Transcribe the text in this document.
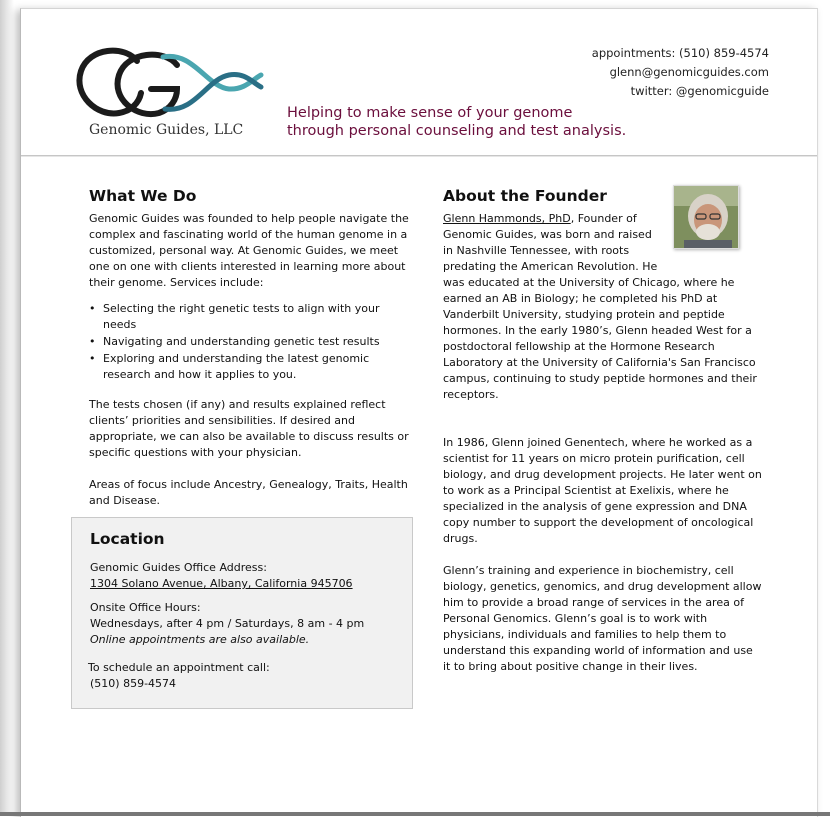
Genomic Guides, LLC
Helping to make sense of your genome
through personal counseling and test analysis.
appointments: (510) 859-4574
glenn@genomicguides.com
twitter: @genomicguide
What We Do

Genomic Guides was founded to help people navigate the complex and fascinating world of the human genome in a customized, personal way. At Genomic Guides, we meet one on one with clients interested in learning more about their genome. Services include:

• Selecting the right genetic tests to align with your needs
• Navigating and understanding genetic test results
• Exploring and understanding the latest genomic research and how it applies to you.

The tests chosen (if any) and results explained reflect clients’ priorities and sensibilities. If desired and appropriate, we can also be available to discuss results or specific questions with your physician.

Areas of focus include Ancestry, Genealogy, Traits, Health and Disease.

Location
Genomic Guides Office Address:
1304 Solano Avenue, Albany, California 945706
Onsite Office Hours:
Wednesdays, after 4 pm / Saturdays, 8 am - 4 pm
Online appointments are also available.
To schedule an appointment call:
(510) 859-4574
About the Founder

Glenn Hammonds, PhD, Founder of Genomic Guides, was born and raised in Nashville Tennessee, with roots predating the American Revolution. He was educated at the University of Chicago, where he earned an AB in Biology; he completed his PhD at Vanderbilt University, studying protein and peptide hormones. In the early 1980’s, Glenn headed West for a postdoctoral fellowship at the Hormone Research Laboratory at the University of California's San Francisco campus, continuing to study peptide hormones and their receptors.

In 1986, Glenn joined Genentech, where he worked as a scientist for 11 years on micro protein purification, cell biology, and drug development projects. He later went on to work as a Principal Scientist at Exelixis, where he specialized in the analysis of gene expression and DNA copy number to support the development of oncological drugs.

Glenn’s training and experience in biochemistry, cell biology, genetics, genomics, and drug development allow him to provide a broad range of services in the area of Personal Genomics. Glenn’s goal is to work with physicians, individuals and families to help them to understand this expanding world of information and use it to bring about positive change in their lives.
